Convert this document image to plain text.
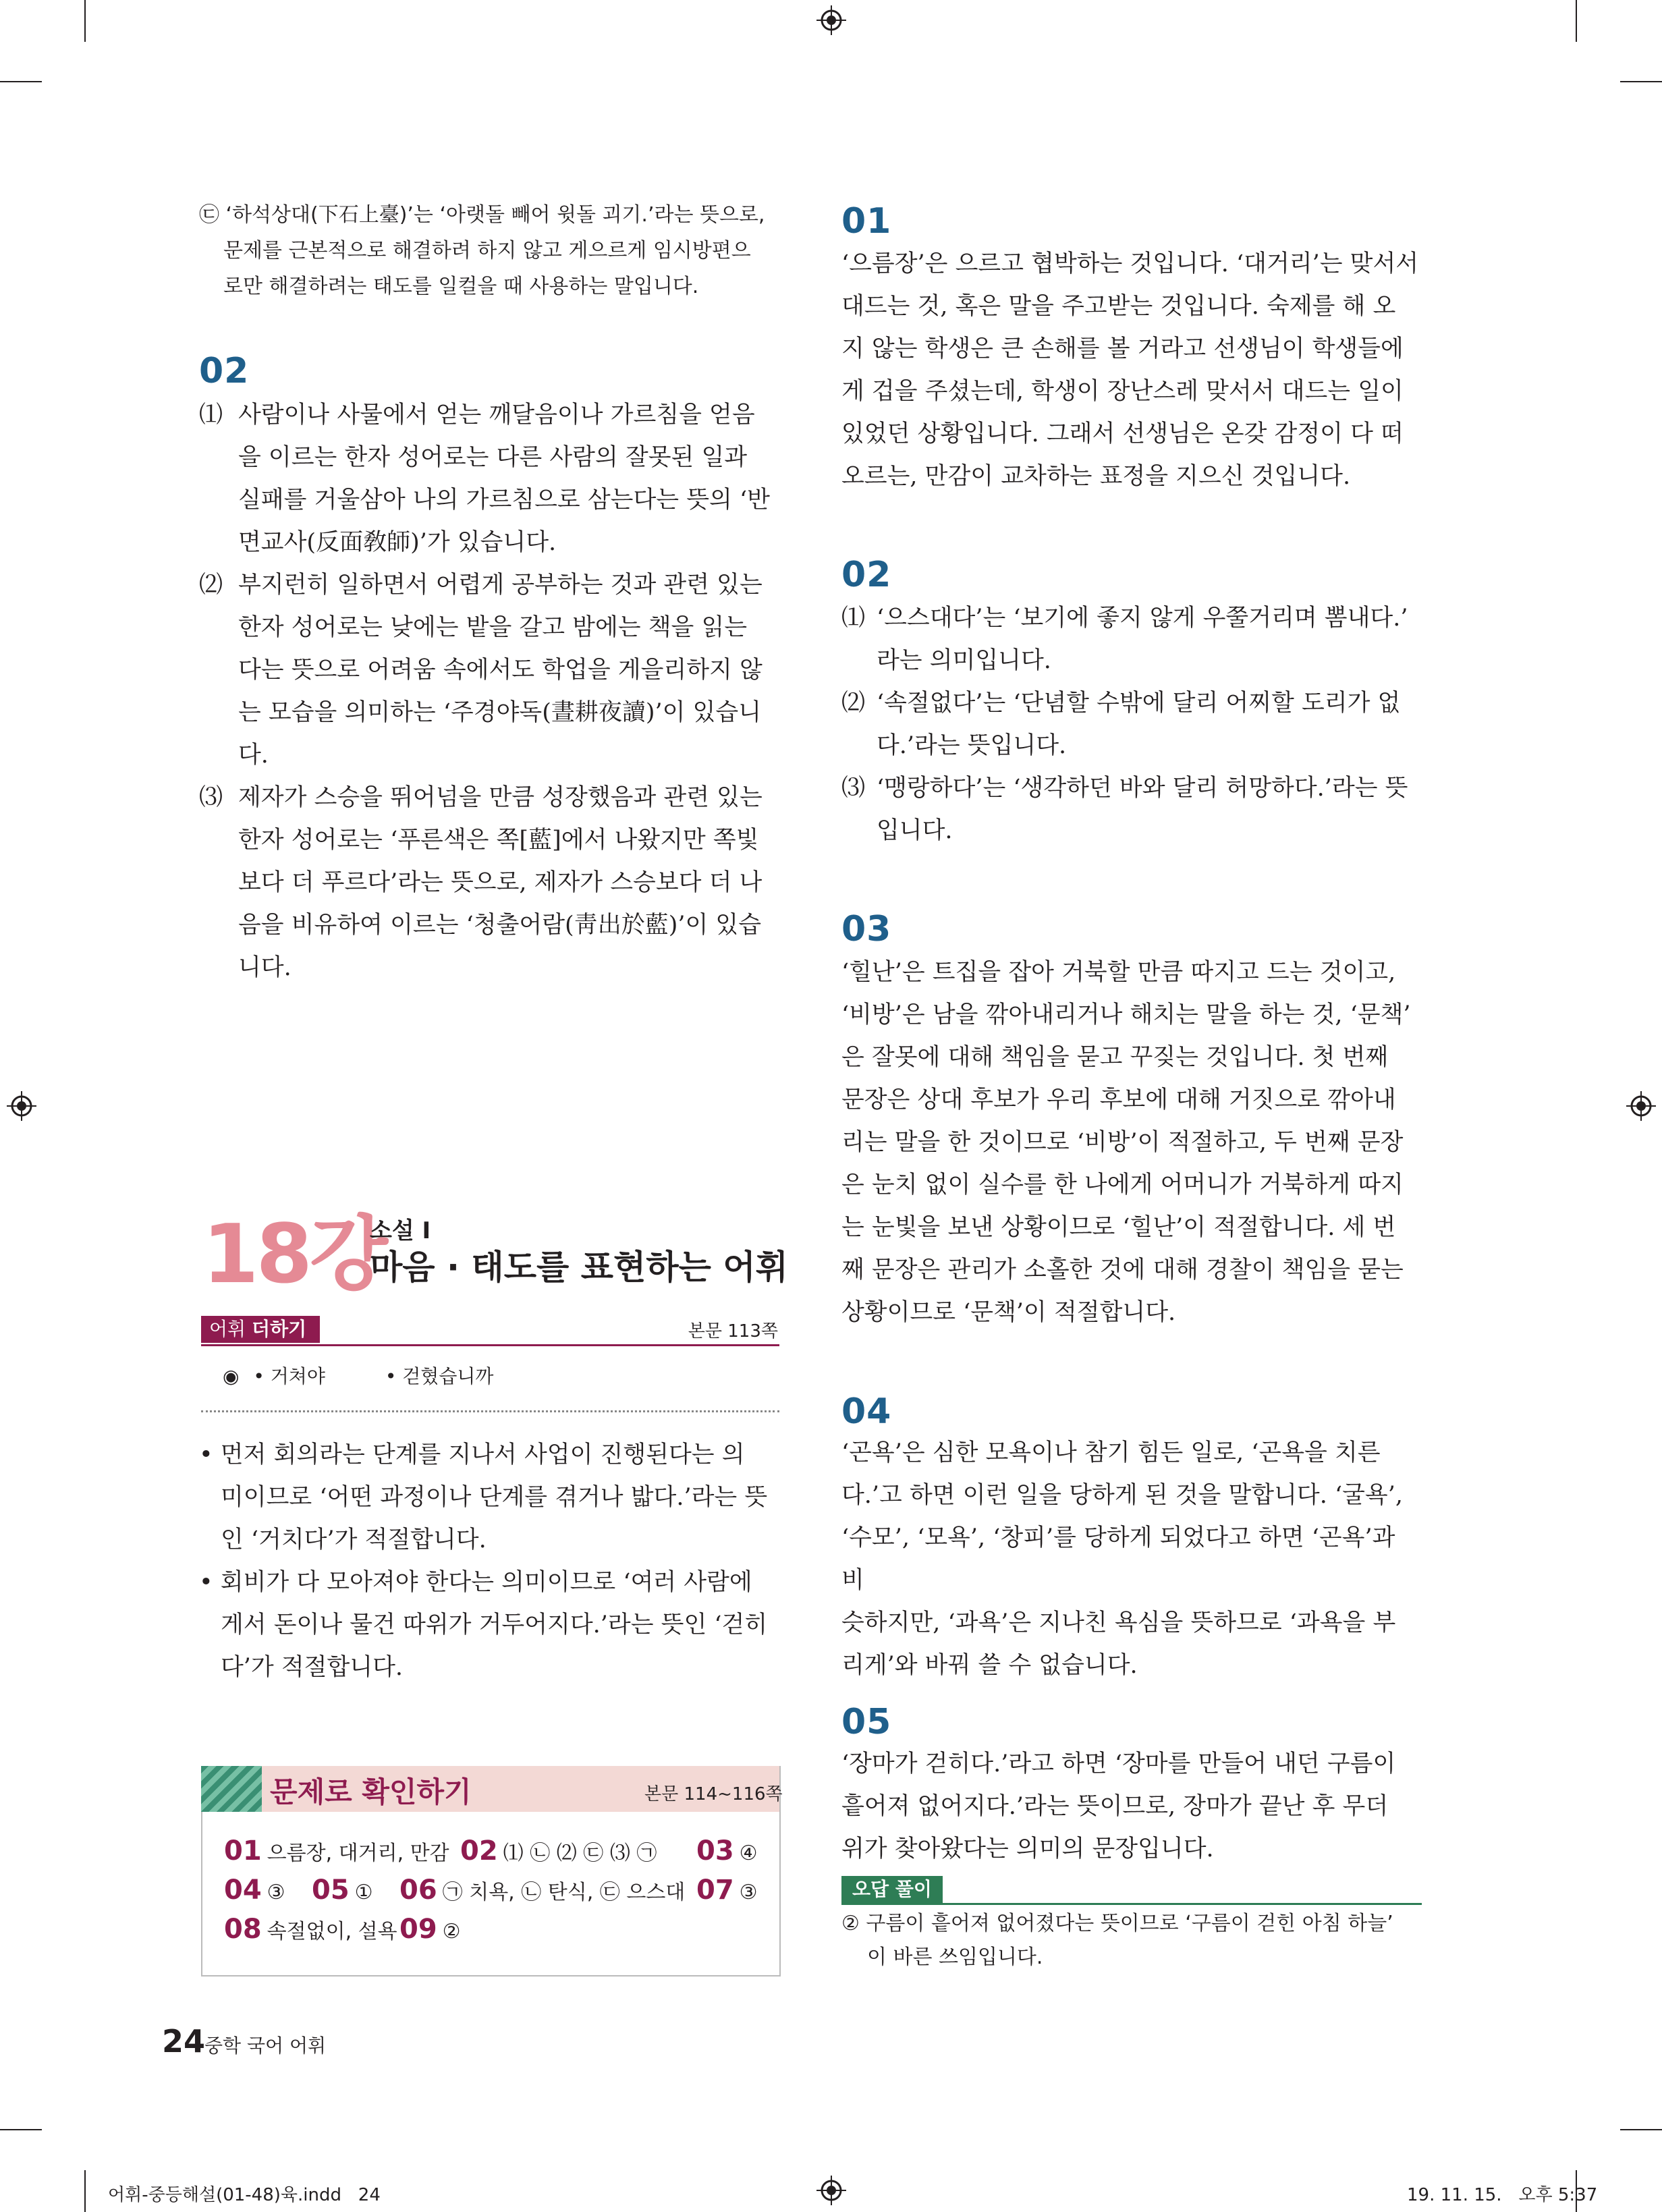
㉢ ‘하석상대(下石上臺)’는 ‘아랫돌 빼어 윗돌 괴기.’라는 뜻으로,
문제를 근본적으로 해결하려 하지 않고 게으르게 임시방편으
로만 해결하려는 태도를 일컬을 때 사용하는 말입니다.
02
⑴ 사람이나 사물에서 얻는 깨달음이나 가르침을 얻음
을 이르는 한자 성어로는 다른 사람의 잘못된 일과
실패를 거울삼아 나의 가르침으로 삼는다는 뜻의 ‘반
면교사(反面敎師)’가 있습니다.
⑵ 부지런히 일하면서 어렵게 공부하는 것과 관련 있는
한자 성어로는 낮에는 밭을 갈고 밤에는 책을 읽는
다는 뜻으로 어려움 속에서도 학업을 게을리하지 않
는 모습을 의미하는 ‘주경야독(晝耕夜讀)’이 있습니다.
⑶ 제자가 스승을 뛰어넘을 만큼 성장했음과 관련 있는
한자 성어로는 ‘푸른색은 쪽[藍]에서 나왔지만 쪽빛
보다 더 푸르다’라는 뜻으로, 제자가 스승보다 더 나
음을 비유하여 이르는 ‘청출어람(靑出於藍)’이 있습
니다.
18강
소설 Ⅰ
마음 · 태도를 표현하는 어휘
어휘 더하기	본문 113쪽
◉ • 거쳐야	• 걷혔습니까
• 먼저 회의라는 단계를 지나서 사업이 진행된다는 의
미이므로 ‘어떤 과정이나 단계를 겪거나 밟다.’라는 뜻
인 ‘거치다’가 적절합니다.
• 회비가 다 모아져야 한다는 의미이므로 ‘여러 사람에
게서 돈이나 물건 따위가 거두어지다.’라는 뜻인 ‘걷히
다’가 적절합니다.
문제로 확인하기	본문 114~116쪽
01 으름장, 대거리, 만감 02 ⑴ ㉡ ⑵ ㉢ ⑶ ㉠ 03 ④
04 ③ 05 ① 06 ㉠ 치욕, ㉡ 탄식, ㉢ 으스대 07 ③
08 속절없이, 설욕 09 ②
01
‘으름장’은 으르고 협박하는 것입니다. ‘대거리’는 맞서서
대드는 것, 혹은 말을 주고받는 것입니다. 숙제를 해 오
지 않는 학생은 큰 손해를 볼 거라고 선생님이 학생들에
게 겁을 주셨는데, 학생이 장난스레 맞서서 대드는 일이
있었던 상황입니다. 그래서 선생님은 온갖 감정이 다 떠
오르는, 만감이 교차하는 표정을 지으신 것입니다.
02
⑴ ‘으스대다’는 ‘보기에 좋지 않게 우쭐거리며 뽐내다.’
라는 의미입니다.
⑵ ‘속절없다’는 ‘단념할 수밖에 달리 어찌할 도리가 없
다.’라는 뜻입니다.
⑶ ‘맹랑하다’는 ‘생각하던 바와 달리 허망하다.’라는 뜻
입니다.
03
‘힐난’은 트집을 잡아 거북할 만큼 따지고 드는 것이고,
‘비방’은 남을 깎아내리거나 해치는 말을 하는 것, ‘문책’
은 잘못에 대해 책임을 묻고 꾸짖는 것입니다. 첫 번째
문장은 상대 후보가 우리 후보에 대해 거짓으로 깎아내
리는 말을 한 것이므로 ‘비방’이 적절하고, 두 번째 문장
은 눈치 없이 실수를 한 나에게 어머니가 거북하게 따지
는 눈빛을 보낸 상황이므로 ‘힐난’이 적절합니다. 세 번
째 문장은 관리가 소홀한 것에 대해 경찰이 책임을 묻는
상황이므로 ‘문책’이 적절합니다.
04
‘곤욕’은 심한 모욕이나 참기 힘든 일로, ‘곤욕을 치른
다.’고 하면 이런 일을 당하게 된 것을 말합니다. ‘굴욕’,
‘수모’, ‘모욕’, ‘창피’를 당하게 되었다고 하면 ‘곤욕’과 비
슷하지만, ‘과욕’은 지나친 욕심을 뜻하므로 ‘과욕을 부
리게’와 바꿔 쓸 수 없습니다.
05
‘장마가 걷히다.’라고 하면 ‘장마를 만들어 내던 구름이
흩어져 없어지다.’라는 뜻이므로, 장마가 끝난 후 무더
위가 찾아왔다는 의미의 문장입니다.
오답 풀이
② 구름이 흩어져 없어졌다는 뜻이므로 ‘구름이 걷힌 아침 하늘’
이 바른 쓰임입니다.
24
중학 국어 어휘
어휘-중등해설(01-48)육.indd   24	19. 11. 15.   오후 5:37
